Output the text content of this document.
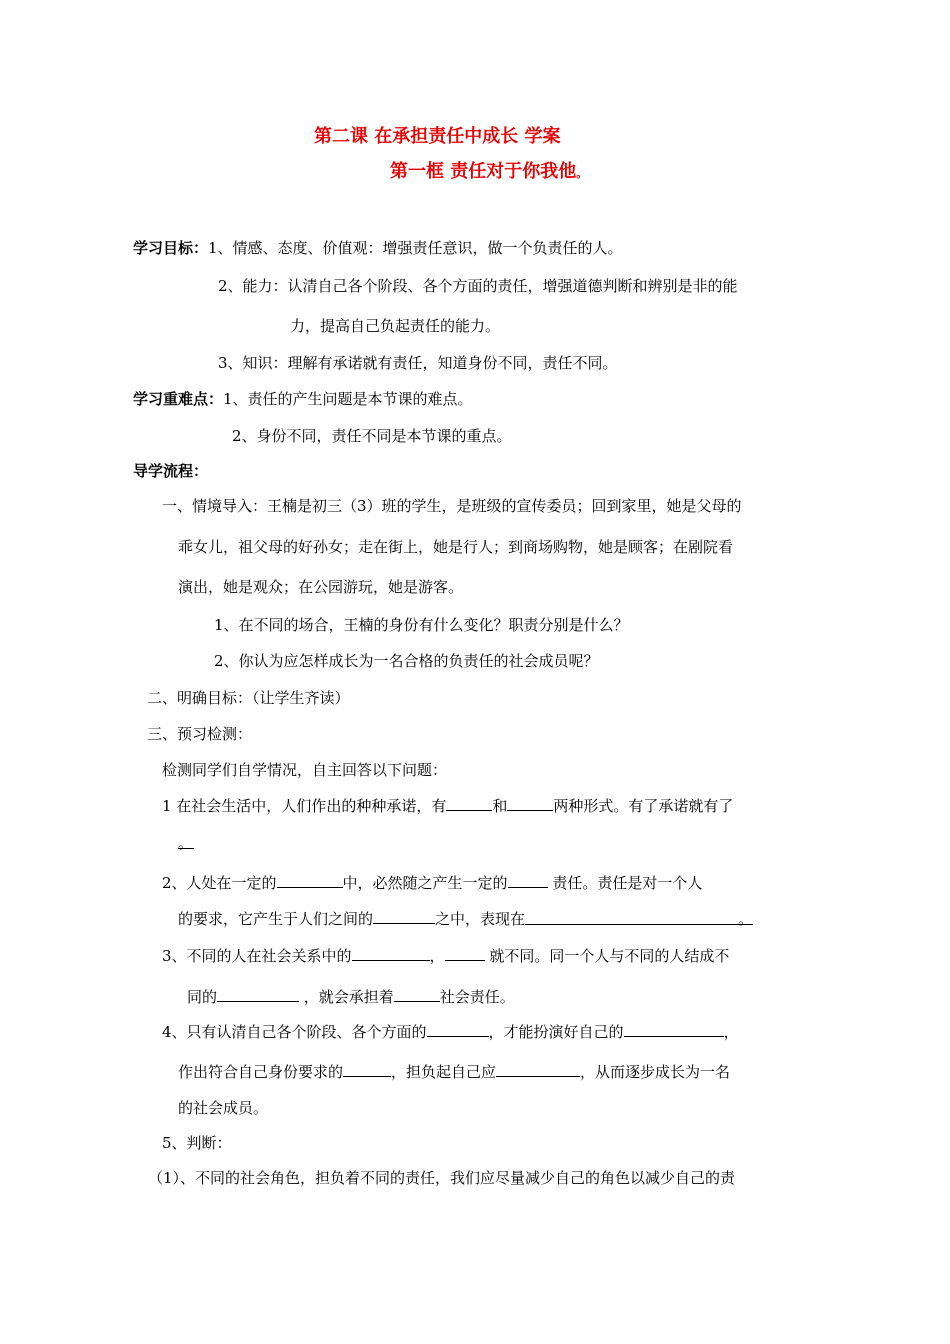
第二课 在承担责任中成长 学案
第一框 责任对于你我他。
学习目标：1、情感、态度、价值观：增强责任意识，做一个负责任的人。
2、能力：认清自己各个阶段、各个方面的责任，增强道德判断和辨别是非的能
力，提高自己负起责任的能力。
3、知识：理解有承诺就有责任，知道身份不同，责任不同。
学习重难点：1、责任的产生问题是本节课的难点。
2、身份不同，责任不同是本节课的重点。
导学流程：
一、情境导入：王楠是初三（3）班的学生，是班级的宣传委员；回到家里，她是父母的
乖女儿，祖父母的好孙女；走在街上，她是行人；到商场购物，她是顾客；在剧院看
演出，她是观众；在公园游玩，她是游客。
1、在不同的场合，王楠的身份有什么变化？职责分别是什么？
2、你认为应怎样成长为一名合格的负责任的社会成员呢？
二、明确目标：（让学生齐读）
三、预习检测：
检测同学们自学情况，自主回答以下问题：
1 在社会生活中，人们作出的种种承诺，有	和	两种形式。有了承诺就有了
。
2、人处在一定的	中，必然随之产生一定的	责任。责任是对一个人
的要求，它产生于人们之间的	之中，表现在	。
3、不同的人在社会关系中的	，	就不同。同一个人与不同的人结成不
同的	，就会承担着	社会责任。
4、只有认清自己各个阶段、各个方面的	，才能扮演好自己的	，
作出符合自己身份要求的	，担负起自己应	，从而逐步成长为一名
的社会成员。
5、判断：
（1）、不同的社会角色，担负着不同的责任，我们应尽量减少自己的角色以减少自己的责
